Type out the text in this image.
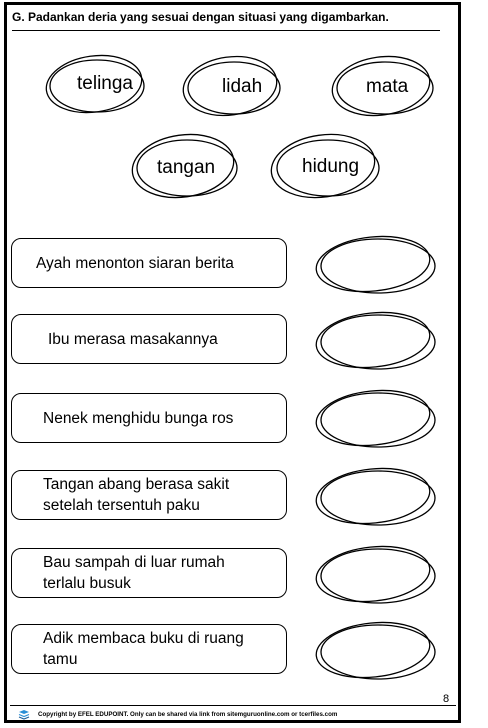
G. Padankan deria yang sesuai dengan situasi yang digambarkan.
telinga	lidah	mata
tangan	hidung
Ayah menonton siaran berita
Ibu merasa masakannya
Nenek menghidu bunga ros
Tangan abang berasa sakit
setelah tersentuh paku
Bau sampah di luar rumah
terlalu busuk
Adik membaca buku di ruang
tamu
8
Copyright by EFEL EDUPOINT. Only can be shared via link from sitemguruonline.com or tcerfiles.com
